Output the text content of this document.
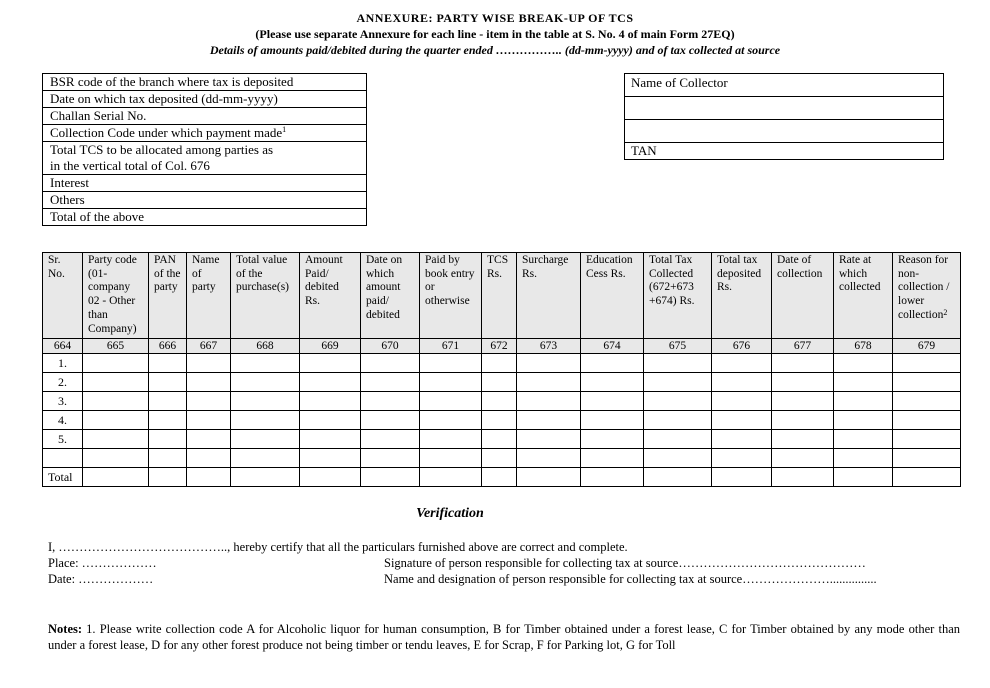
ANNEXURE: PARTY WISE BREAK-UP OF TCS
(Please use separate Annexure for each line - item in the table at S. No. 4 of main Form 27EQ)
Details of amounts paid/debited during the quarter ended …………….. (dd-mm-yyyy) and of tax collected at source
BSR code of the branch where tax is deposited
Date on which tax deposited (dd-mm-yyyy)
Challan Serial No.
Collection Code under which payment made$^1$

Total TCS to be allocated among parties as
in the vertical total of Col. 676

Interest
Others
Total of the above
Name of Collector

TAN
Sr. No.	Party code (01- company 02 - Other than Company)	PAN of the party	Name of party	Total value of the purchase(s)	Amount Paid/ debited Rs.	Date on which amount paid/ debited	Paid by book entry or otherwise	TCS Rs.	Surcharge Rs.	Education Cess Rs.	Total Tax Collected (672+673 +674) Rs.	Total tax deposited Rs.	Date of collection	Rate at which collected	Reason for non-collection / lower collection$^2$
664	665	666	667	668	669	670	671	672	673	674	675	676	677	678	679
1.															
2.															
3.															
4.															
5.															

Total															
Verification
I, ………………………………….., hereby certify that all the particulars furnished above are correct and complete.
Place: ………………
Date: ………………
Signature of person responsible for collecting tax at source………………………………………
Name and designation of person responsible for collecting tax at source…………………...............
Notes: 1. Please write collection code A for Alcoholic liquor for human consumption, B for Timber obtained under a forest lease, C for Timber obtained by any mode other than under a forest lease, D for any other forest produce not being timber or tendu leaves, E for Scrap, F for Parking lot, G for Toll
